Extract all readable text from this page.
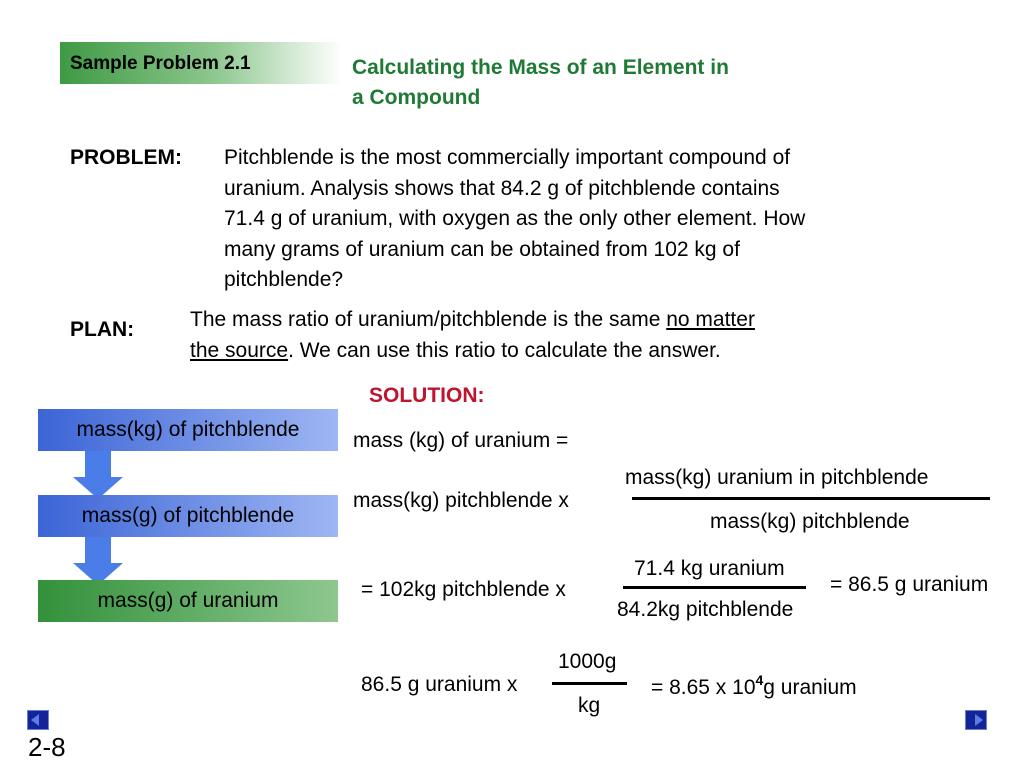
Sample Problem 2.1	Calculating the Mass of an Element in
a Compound
PROBLEM: Pitchblende is the most commercially important compound of
uranium. Analysis shows that 84.2 g of pitchblende contains
71.4 g of uranium, with oxygen as the only other element. How
many grams of uranium can be obtained from 102 kg of
pitchblende?
PLAN:	The mass ratio of uranium/pitchblende is the same no matter
the source. We can use this ratio to calculate the answer.
SOLUTION:
mass(kg) of pitchblende
mass(g) of pitchblende
mass(g) of uranium
mass (kg) of uranium =
mass(kg) pitchblende x
mass(kg) uranium in pitchblende
mass(kg) pitchblende
= 102kg pitchblende x
71.4 kg uranium
84.2kg pitchblende
= 86.5 g uranium
86.5 g uranium x
1000g
kg
= 8.65 x $10^4g$ uranium
2-8
